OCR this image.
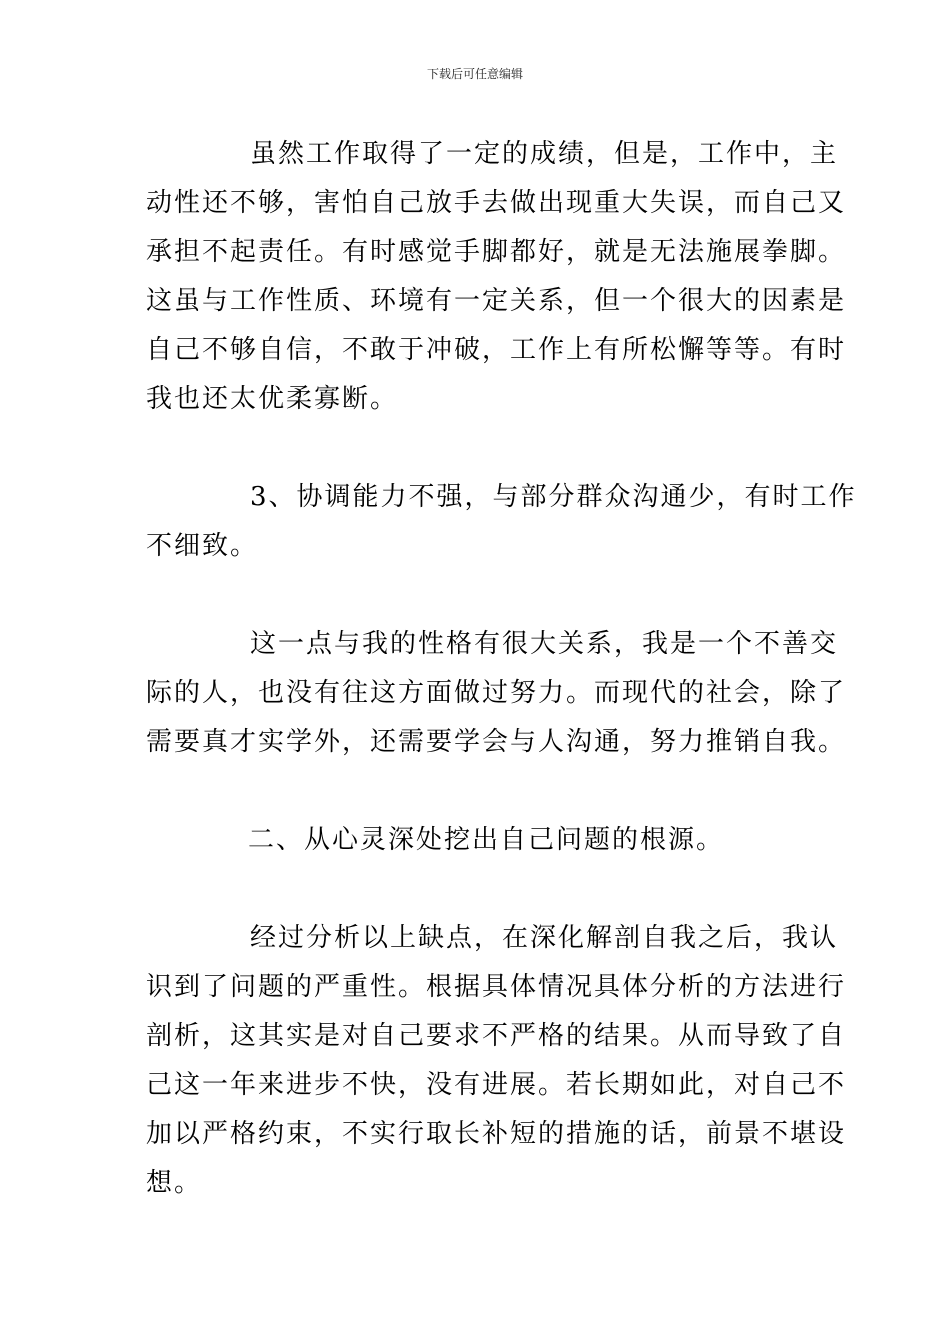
下载后可任意编辑
虽然工作取得了一定的成绩，但是，工作中，主
动性还不够，害怕自己放手去做出现重大失误，而自己又
承担不起责任。有时感觉手脚都好，就是无法施展拳脚。
这虽与工作性质、环境有一定关系，但一个很大的因素是
自己不够自信，不敢于冲破，工作上有所松懈等等。有时
我也还太优柔寡断。
3、协调能力不强，与部分群众沟通少，有时工作
不细致。
这一点与我的性格有很大关系，我是一个不善交
际的人，也没有往这方面做过努力。而现代的社会，除了
需要真才实学外，还需要学会与人沟通，努力推销自我。
二、从心灵深处挖出自己问题的根源。
经过分析以上缺点，在深化解剖自我之后，我认
识到了问题的严重性。根据具体情况具体分析的方法进行
剖析，这其实是对自己要求不严格的结果。从而导致了自
己这一年来进步不快，没有进展。若长期如此，对自己不
加以严格约束，不实行取长补短的措施的话，前景不堪设
想。
